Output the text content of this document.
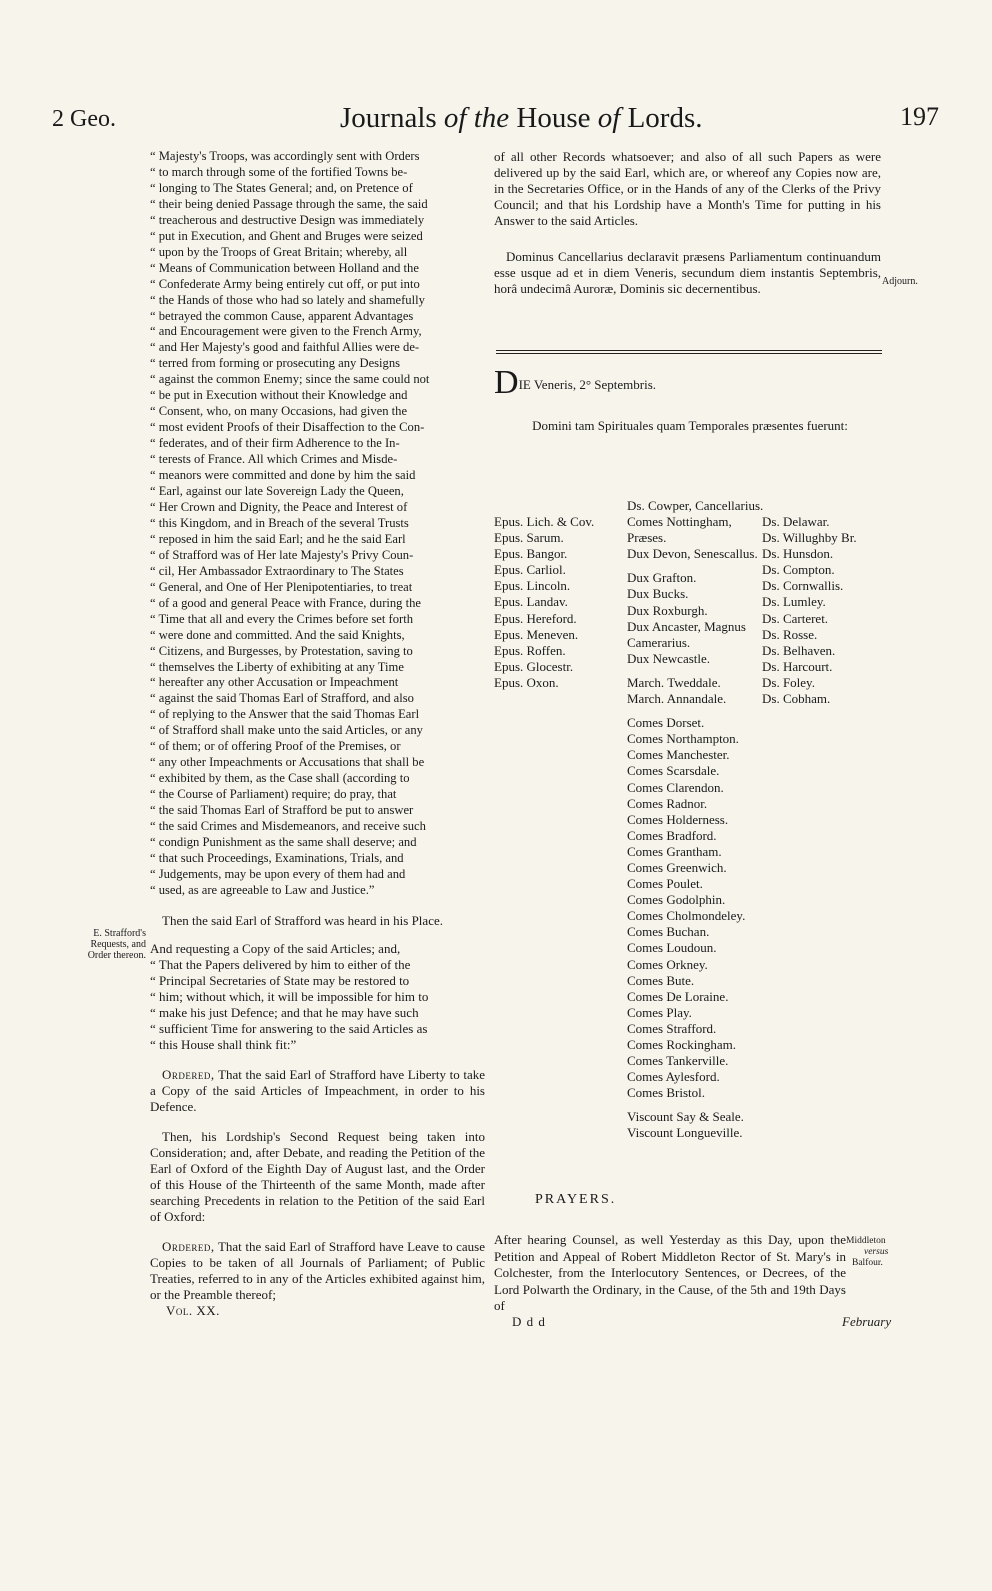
2 Geo.	Journals of the House of Lords.	197
“ Majesty's Troops, was accordingly sent with Orders
“ to march through some of the fortified Towns be-
“ longing to The States General; and, on Pretence of
“ their being denied Passage through the same, the said
“ treacherous and destructive Design was immediately
“ put in Execution, and Ghent and Bruges were seized
“ upon by the Troops of Great Britain; whereby, all
“ Means of Communication between Holland and the
“ Confederate Army being entirely cut off, or put into
“ the Hands of those who had so lately and shamefully
“ betrayed the common Cause, apparent Advantages
“ and Encouragement were given to the French Army,
“ and Her Majesty's good and faithful Allies were de-
“ terred from forming or prosecuting any Designs
“ against the common Enemy; since the same could not
“ be put in Execution without their Knowledge and
“ Consent, who, on many Occasions, had given the
“ most evident Proofs of their Disaffection to the Con-
“ federates, and of their firm Adherence to the In-
“ terests of France. All which Crimes and Misde-
“ meanors were committed and done by him the said
“ Earl, against our late Sovereign Lady the Queen,
“ Her Crown and Dignity, the Peace and Interest of
“ this Kingdom, and in Breach of the several Trusts
“ reposed in him the said Earl; and he the said Earl
“ of Strafford was of Her late Majesty's Privy Coun-
“ cil, Her Ambassador Extraordinary to The States
“ General, and One of Her Plenipotentiaries, to treat
“ of a good and general Peace with France, during the
“ Time that all and every the Crimes before set forth
“ were done and committed. And the said Knights,
“ Citizens, and Burgesses, by Protestation, saving to
“ themselves the Liberty of exhibiting at any Time
“ hereafter any other Accusation or Impeachment
“ against the said Thomas Earl of Strafford, and also
“ of replying to the Answer that the said Thomas Earl
“ of Strafford shall make unto the said Articles, or any
“ of them; or of offering Proof of the Premises, or
“ any other Impeachments or Accusations that shall be
“ exhibited by them, as the Case shall (according to
“ the Course of Parliament) require; do pray, that
“ the said Thomas Earl of Strafford be put to answer
“ the said Crimes and Misdemeanors, and receive such
“ condign Punishment as the same shall deserve; and
“ that such Proceedings, Examinations, Trials, and
“ Judgements, may be upon every of them had and
“ used, as are agreeable to Law and Justice.”

Then the said Earl of Strafford was heard in his Place.

And requesting a Copy of the said Articles; and,
“ That the Papers delivered by him to either of the
“ Principal Secretaries of State may be restored to
“ him; without which, it will be impossible for him to
“ make his just Defence; and that he may have such
“ sufficient Time for answering to the said Articles as
“ this House shall think fit:”

Ordered, That the said Earl of Strafford have Liberty to take a Copy of the said Articles of Impeachment, in order to his Defence.

Then, his Lordship's Second Request being taken into Consideration; and, after Debate, and reading the Petition of the Earl of Oxford of the Eighth Day of August last, and the Order of this House of the Thirteenth of the same Month, made after searching Precedents in relation to the Petition of the said Earl of Oxford:

Ordered, That the said Earl of Strafford have Leave to cause Copies to be taken of all Journals of Parliament; of Public Treaties, referred to in any of the Articles exhibited against him, or the Preamble thereof;

Vol. XX.
E. Strafford's
Requests, and
Order thereon.

of all other Records whatsoever; and also of all such Papers as were delivered up by the said Earl, which are, or whereof any Copies now are, in the Secretaries Office, or in the Hands of any of the Clerks of the Privy Council; and that his Lordship have a Month's Time for putting in his Answer to the said Articles.

Dominus Cancellarius declaravit præsens Parliamentum continuandum esse usque ad et in diem Veneris, secundum diem instantis Septembris, horâ undecimâ Auroræ, Dominis sic decernentibus.	Adjourn.
DIE Veneris, 2° Septembris.
Domini tam Spirituales quam Temporales præsentes fuerunt:
Epus. Lich. & Cov.
Epus. Sarum.
Epus. Bangor.
Epus. Carliol.
Epus. Lincoln.
Epus. Landav.
Epus. Hereford.
Epus. Meneven.
Epus. Roffen.
Epus. Glocestr.
Epus. Oxon.
Ds. Cowper, Cancellarius.
Comes Nottingham, Præses.
Dux Devon, Senescallus.
Dux Grafton.
Dux Bucks.
Dux Roxburgh.
Dux Ancaster, Magnus Camerarius.
Dux Newcastle.
March. Tweddale.
March. Annandale.
Comes Dorset.
Comes Northampton.
Comes Manchester.
Comes Scarsdale.
Comes Clarendon.
Comes Radnor.
Comes Holderness.
Comes Bradford.
Comes Grantham.
Comes Greenwich.
Comes Poulet.
Comes Godolphin.
Comes Cholmondeley.
Comes Buchan.
Comes Loudoun.
Comes Orkney.
Comes Bute.
Comes De Loraine.
Comes Play.
Comes Strafford.
Comes Rockingham.
Comes Tankerville.
Comes Aylesford.
Comes Bristol.
Viscount Say & Seale.
Viscount Longueville.
Ds. Delawar.
Ds. Willughby Br.
Ds. Hunsdon.
Ds. Compton.
Ds. Cornwallis.
Ds. Lumley.
Ds. Carteret.
Ds. Rosse.
Ds. Belhaven.
Ds. Harcourt.
Ds. Foley.
Ds. Cobham.
PRAYERS.
After hearing Counsel, as well Yesterday as this Day, upon the Petition and Appeal of Robert Middleton Rector of St. Mary's in Colchester, from the Interlocutory Sentences, or Decrees, of the Lord Polwarth the Ordinary, in the Cause, of the 5th and 19th Days of
Middleton
versus
Balfour.
D d d	February
